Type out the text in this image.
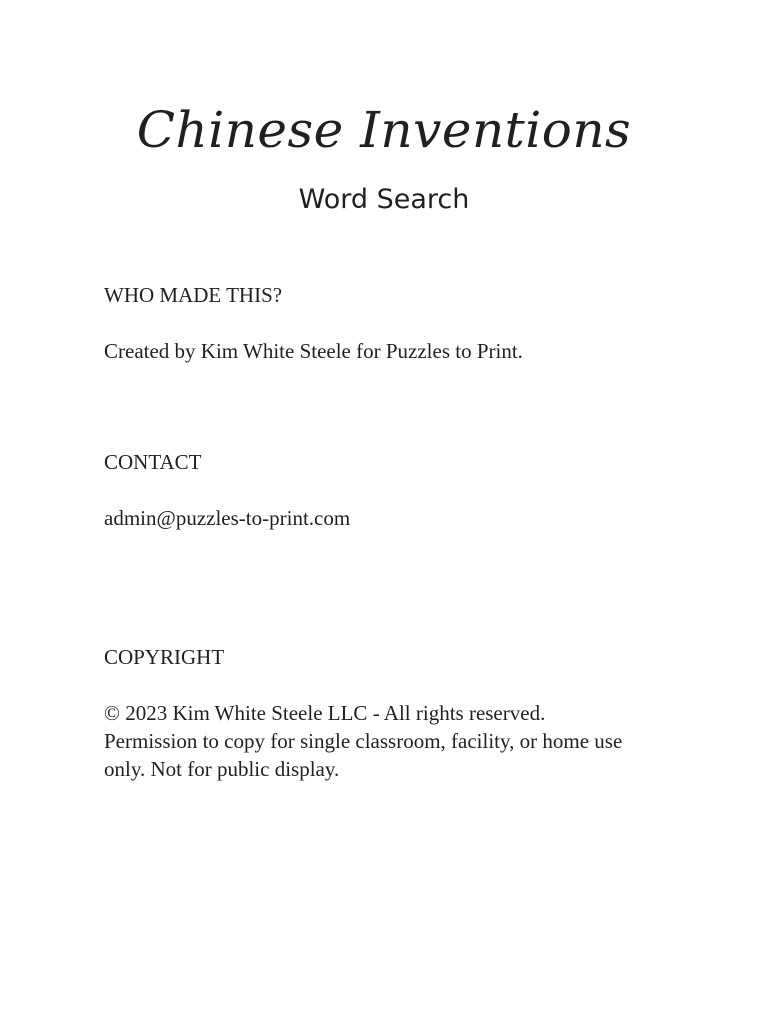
Chinese Inventions
Word Search

WHO MADE THIS?

Created by Kim White Steele for Puzzles to Print.

CONTACT

admin@puzzles-to-print.com

COPYRIGHT

© 2023 Kim White Steele LLC - All rights reserved.
Permission to copy for single classroom, facility, or home use
only. Not for public display.
